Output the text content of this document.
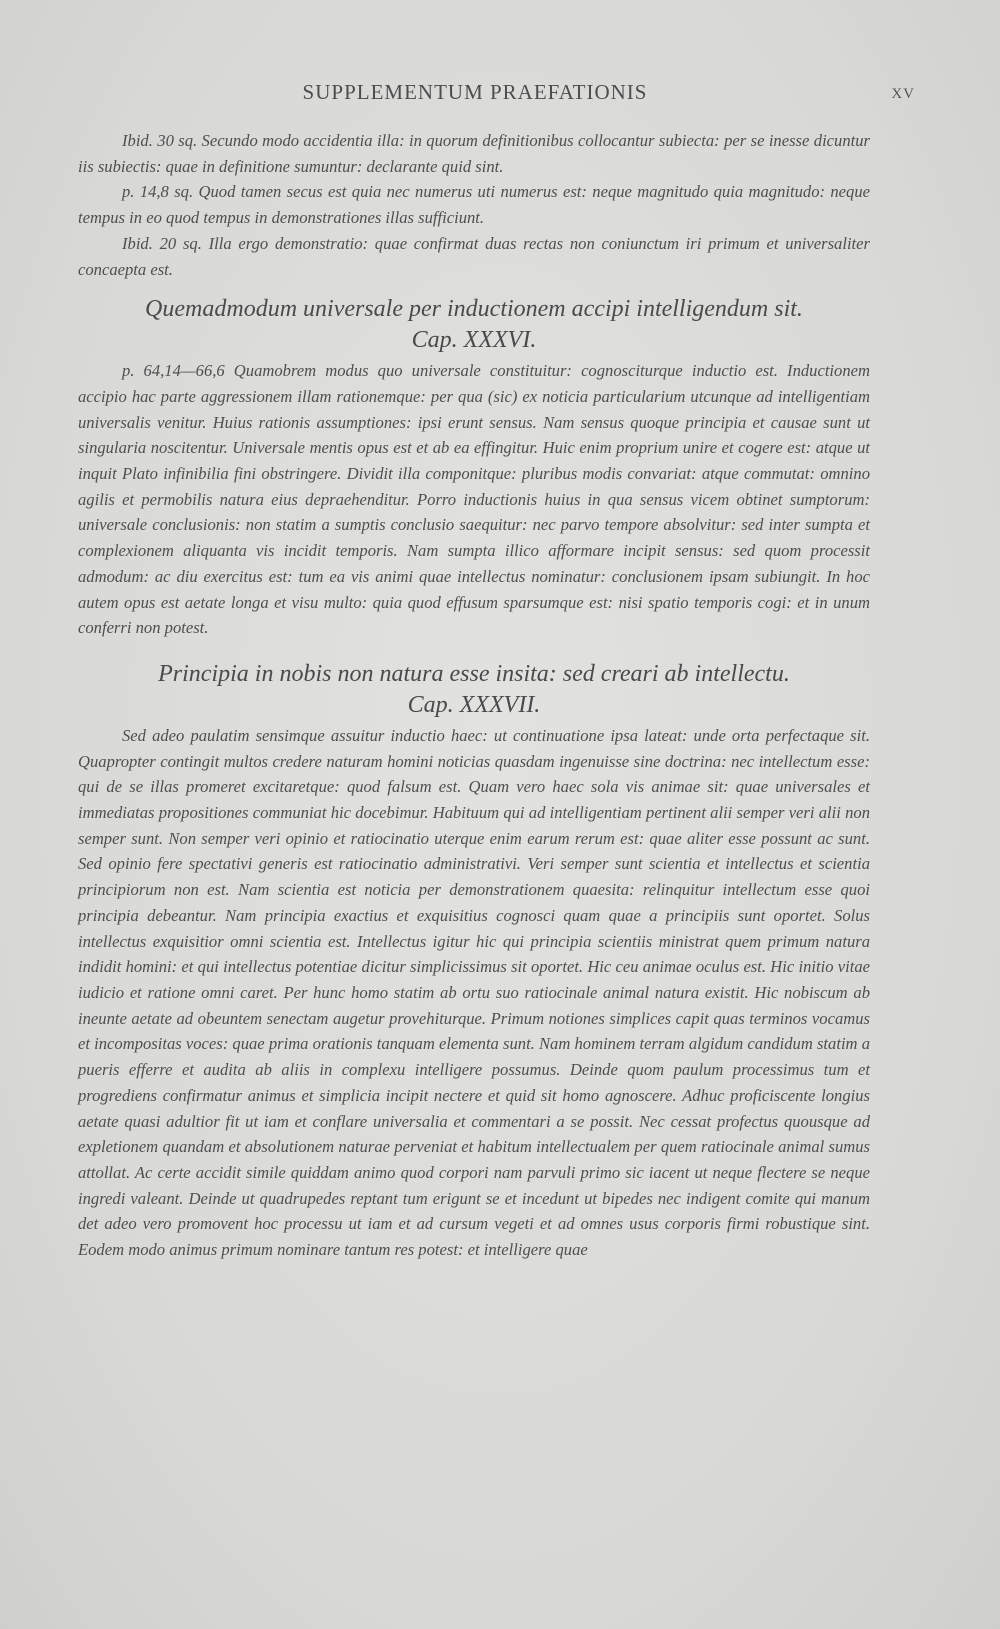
SUPPLEMENTUM PRAEFATIONIS	XV

Ibid. 30 sq. Secundo modo accidentia illa: in quorum definitionibus collocantur subiecta: per se inesse dicuntur iis subiectis: quae in definitione sumuntur: declarante quid sint.

p. 14,8 sq. Quod tamen secus est quia nec numerus uti numerus est: neque magnitudo quia magnitudo: neque tempus in eo quod tempus in demonstrationes illas sufficiunt.

Ibid. 20 sq. Illa ergo demonstratio: quae confirmat duas rectas non coniunctum iri primum et universaliter concaepta est.

Quemadmodum universale per inductionem accipi intelligendum sit.
Cap. XXXVI.

p. 64,14—66,6 Quamobrem modus quo universale constituitur: cognosciturque inductio est. Inductionem accipio hac parte aggressionem illam rationemque: per qua (sic) ex noticia particularium utcunque ad intelligentiam universalis venitur. Huius rationis assumptiones: ipsi erunt sensus. Nam sensus quoque principia et causae sunt ut singularia noscitentur. Universale mentis opus est et ab ea effingitur. Huic enim proprium unire et cogere est: atque ut inquit Plato infinibilia fini obstringere. Dividit illa componitque: pluribus modis convariat: atque commutat: omnino agilis et permobilis natura eius depraehenditur. Porro inductionis huius in qua sensus vicem obtinet sumptorum: universale conclusionis: non statim a sumptis conclusio saequitur: nec parvo tempore absolvitur: sed inter sumpta et complexionem aliquanta vis incidit temporis. Nam sumpta illico afformare incipit sensus: sed quom processit admodum: ac diu exercitus est: tum ea vis animi quae intellectus nominatur: conclusionem ipsam subiungit. In hoc autem opus est aetate longa et visu multo: quia quod effusum sparsumque est: nisi spatio temporis cogi: et in unum conferri non potest.

Principia in nobis non natura esse insita: sed creari ab intellectu.
Cap. XXXVII.

Sed adeo paulatim sensimque assuitur inductio haec: ut continuatione ipsa lateat: unde orta perfectaque sit. Quapropter contingit multos credere naturam homini noticias quasdam ingenuisse sine doctrina: nec intellectum esse: qui de se illas promeret excitaretque: quod falsum est. Quam vero haec sola vis animae sit: quae universales et immediatas propositiones communiat hic docebimur. Habituum qui ad intelligentiam pertinent alii semper veri alii non semper sunt. Non semper veri opinio et ratiocinatio uterque enim earum rerum est: quae aliter esse possunt ac sunt. Sed opinio fere spectativi generis est ratiocinatio administrativi. Veri semper sunt scientia et intellectus et scientia principiorum non est. Nam scientia est noticia per demonstrationem quaesita: relinquitur intellectum esse quoi principia debeantur. Nam principia exactius et exquisitius cognosci quam quae a principiis sunt oportet. Solus intellectus exquisitior omni scientia est. Intellectus igitur hic qui principia scientiis ministrat quem primum natura indidit homini: et qui intellectus potentiae dicitur simplicissimus sit oportet. Hic ceu animae oculus est. Hic initio vitae iudicio et ratione omni caret. Per hunc homo statim ab ortu suo ratiocinale animal natura existit. Hic nobiscum ab ineunte aetate ad obeuntem senectam augetur provehiturque. Primum notiones simplices capit quas terminos vocamus et incompositas voces: quae prima orationis tanquam elementa sunt. Nam hominem terram algidum candidum statim a pueris efferre et audita ab aliis in complexu intelligere possumus. Deinde quom paulum processimus tum et progrediens confirmatur animus et simplicia incipit nectere et quid sit homo agnoscere. Adhuc proficiscente longius aetate quasi adultior fit ut iam et conflare universalia et commentari a se possit. Nec cessat profectus quousque ad expletionem quandam et absolutionem naturae perveniat et habitum intellectualem per quem ratiocinale animal sumus attollat. Ac certe accidit simile quiddam animo quod corpori nam parvuli primo sic iacent ut neque flectere se neque ingredi valeant. Deinde ut quadrupedes reptant tum erigunt se et incedunt ut bipedes nec indigent comite qui manum det adeo vero promovent hoc processu ut iam et ad cursum vegeti et ad omnes usus corporis firmi robustique sint. Eodem modo animus primum nominare tantum res potest: et intelligere quae
